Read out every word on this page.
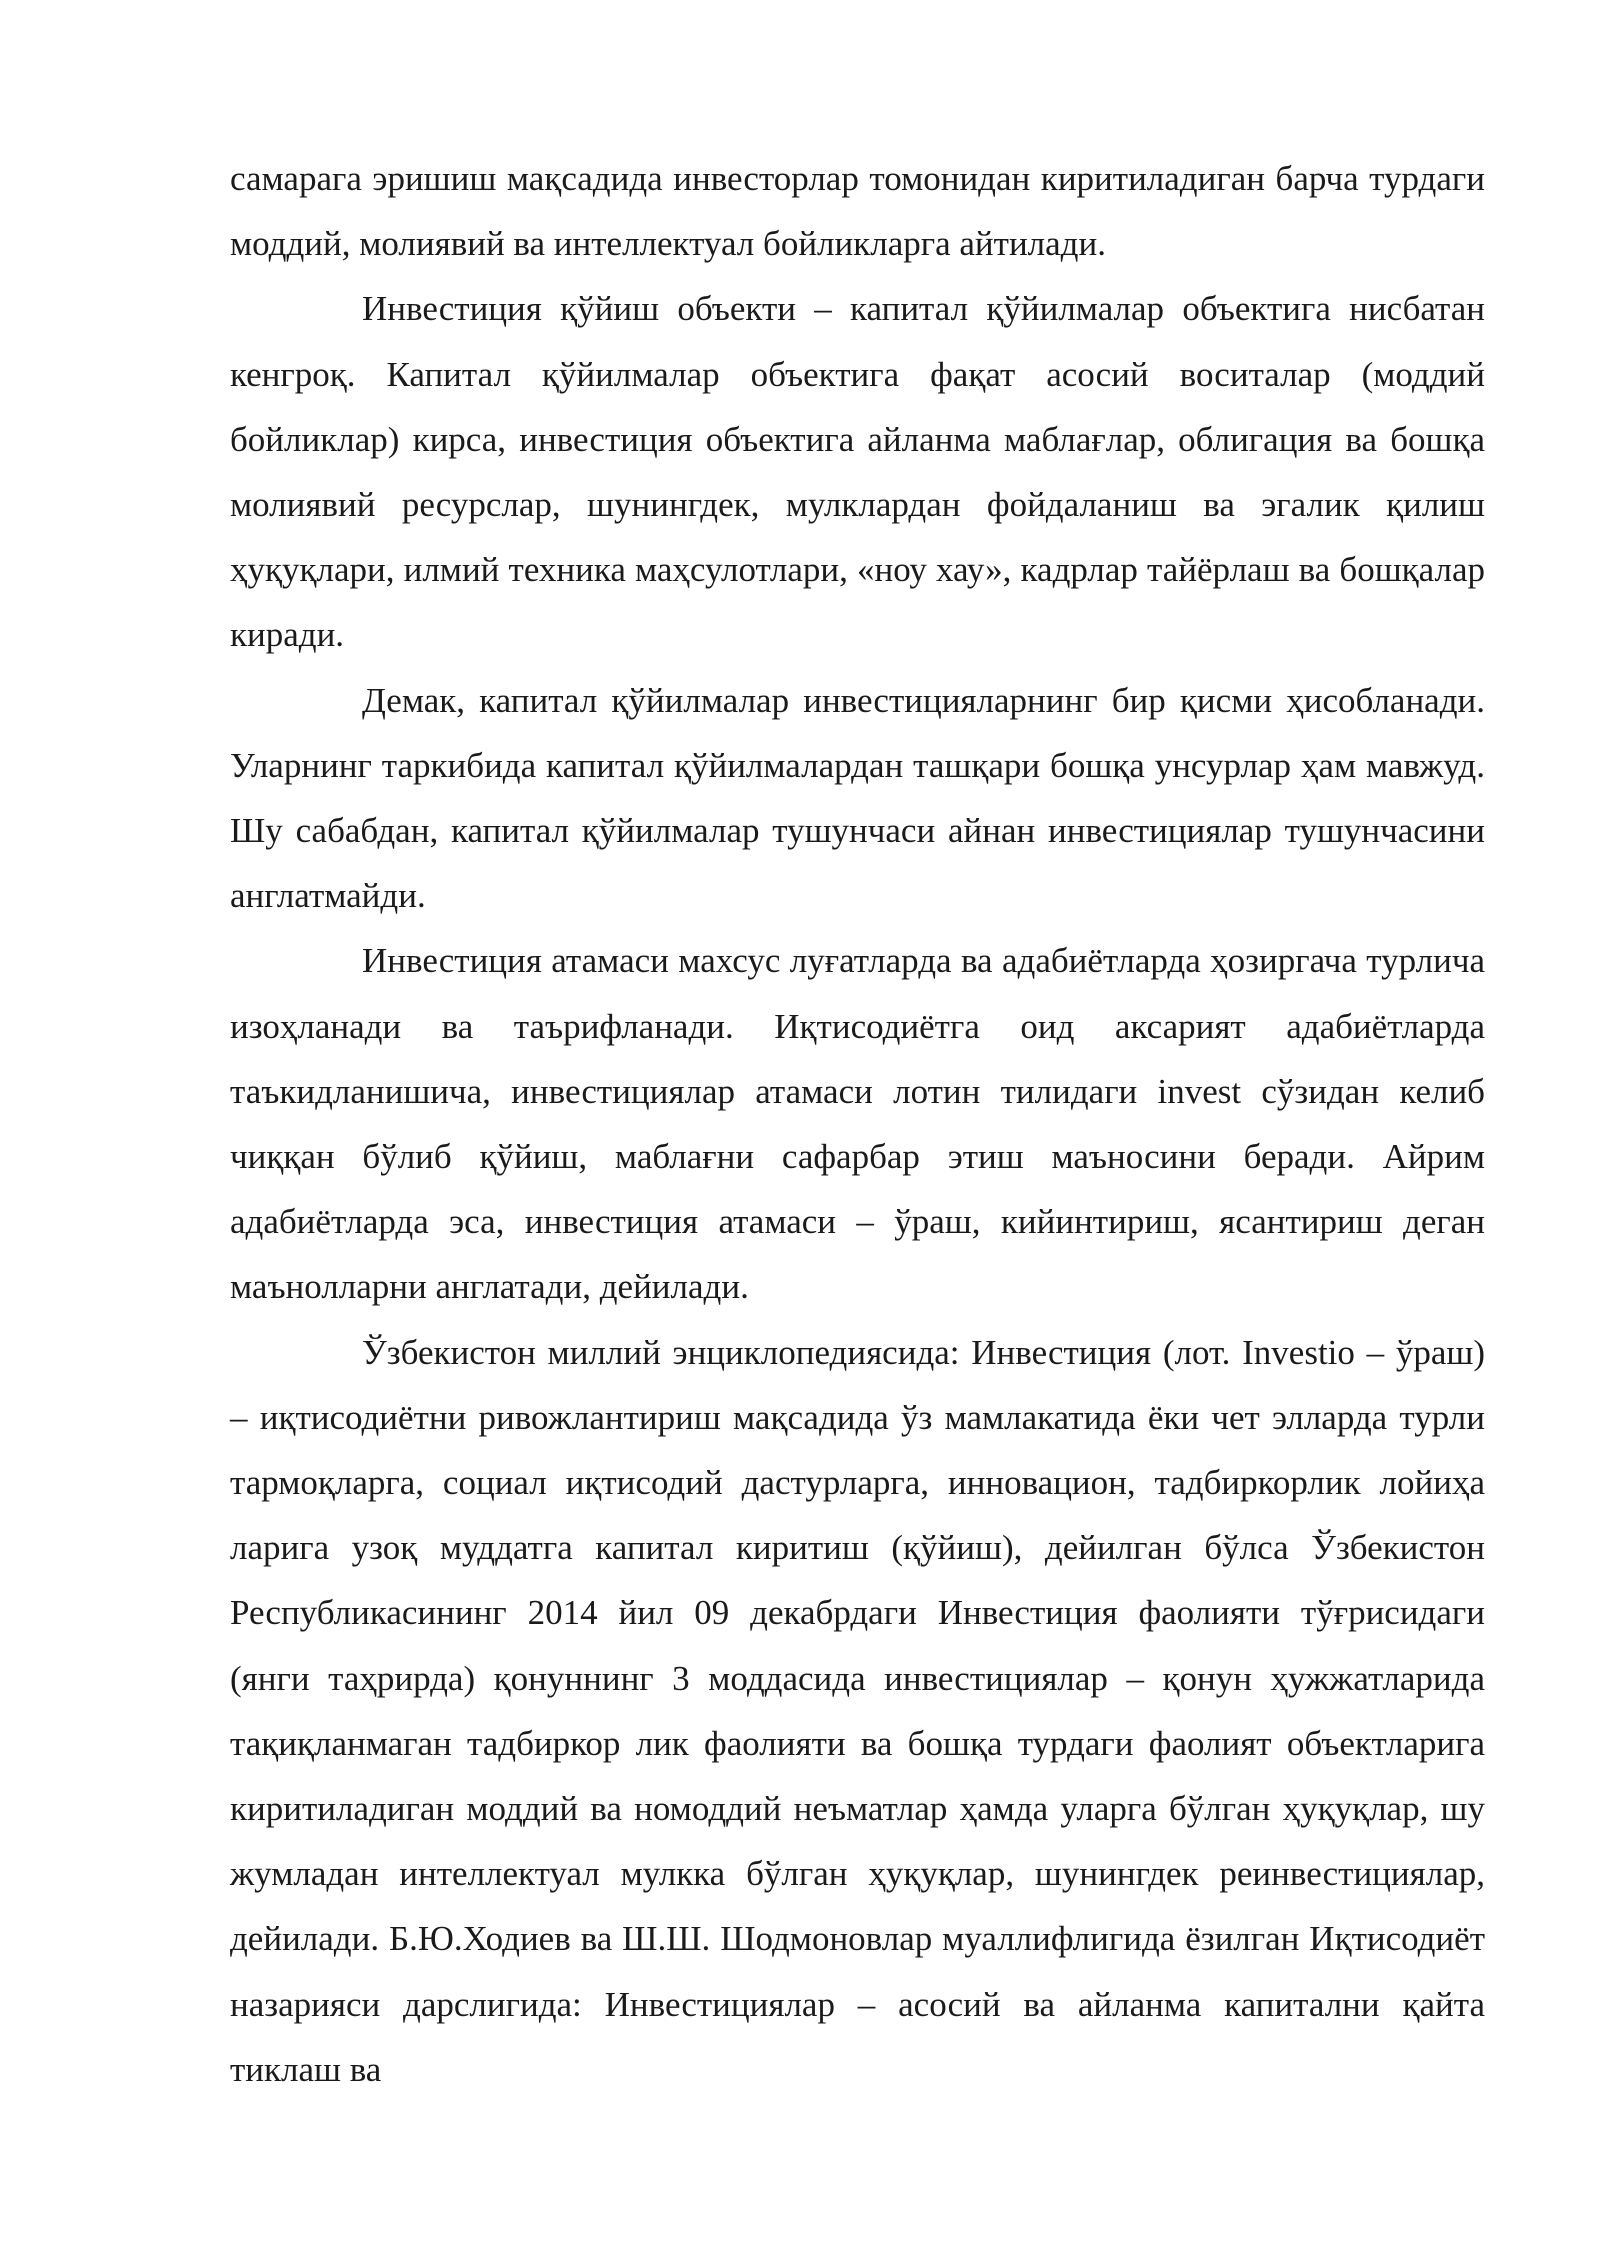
самарага эришиш мақсадида инвесторлар томонидан киритиладиган барча турдаги моддий, молиявий ва интеллектуал бойликларга айтилади.

Инвестиция қўйиш объекти – капитал қўйилмалар объектига нисбатан кенгроқ. Капитал қўйилмалар объектига фақат асосий воситалар (моддий бойликлар) кирса, инвестиция объектига айланма маблағлар, облигация ва бошқа молиявий ресурслар, шунингдек, мулклардан фойдаланиш ва эгалик қилиш ҳуқуқлари, илмий техника маҳсулотлари, «ноу хау», кадрлар тайёрлаш ва бошқалар киради.

Демак, капитал қўйилмалар инвестицияларнинг бир қисми ҳисобланади. Уларнинг таркибида капитал қўйилмалардан ташқари бошқа унсурлар ҳам мавжуд. Шу сабабдан, капитал қўйилмалар тушунчаси айнан инвестициялар тушунчасини англатмайди.

Инвестиция атамаси махсус луғатларда ва адабиётларда ҳозиргача турлича изоҳланади ва таърифланади. Иқтисодиётга оид аксарият адабиётларда таъкидланишича, инвестициялар атамаси лотин тилидаги invest сўзидан келиб чиққан бўлиб қўйиш, маблағни сафарбар этиш маъносини беради. Айрим адабиётларда эса, инвестиция атамаси – ўраш, кийинтириш, ясантириш деган маънолларни англатади, дейилади.

Ўзбекистон миллий энциклопедиясида: Инвестиция (лот. Investio – ўраш) – иқтисодиётни ривожлантириш мақсадида ўз мамлакатида ёки чет элларда турли тармоқларга, социал иқтисодий дастурларга, инновацион, тадбиркорлик лойиҳа ларига узоқ муддатга капитал киритиш (қўйиш), дейилган бўлса Ўзбекистон Республикасининг 2014 йил 09 декабрдаги Инвестиция фаолияти тўғрисидаги (янги таҳрирда) қонуннинг 3 моддасида инвестициялар – қонун ҳужжатларида тақиқланмаган тадбиркор лик фаолияти ва бошқа турдаги фаолият объектларига киритиладиган моддий ва номоддий неъматлар ҳамда уларга бўлган ҳуқуқлар, шу жумладан интеллектуал мулкка бўлган ҳуқуқлар, шунингдек реинвестициялар, дейилади. Б.Ю.Ходиев ва Ш.Ш. Шодмоновлар муаллифлигида ёзилган Иқтисодиёт назарияси дарслигида: Инвестициялар – асосий ва айланма капитални қайта тиклаш ва
